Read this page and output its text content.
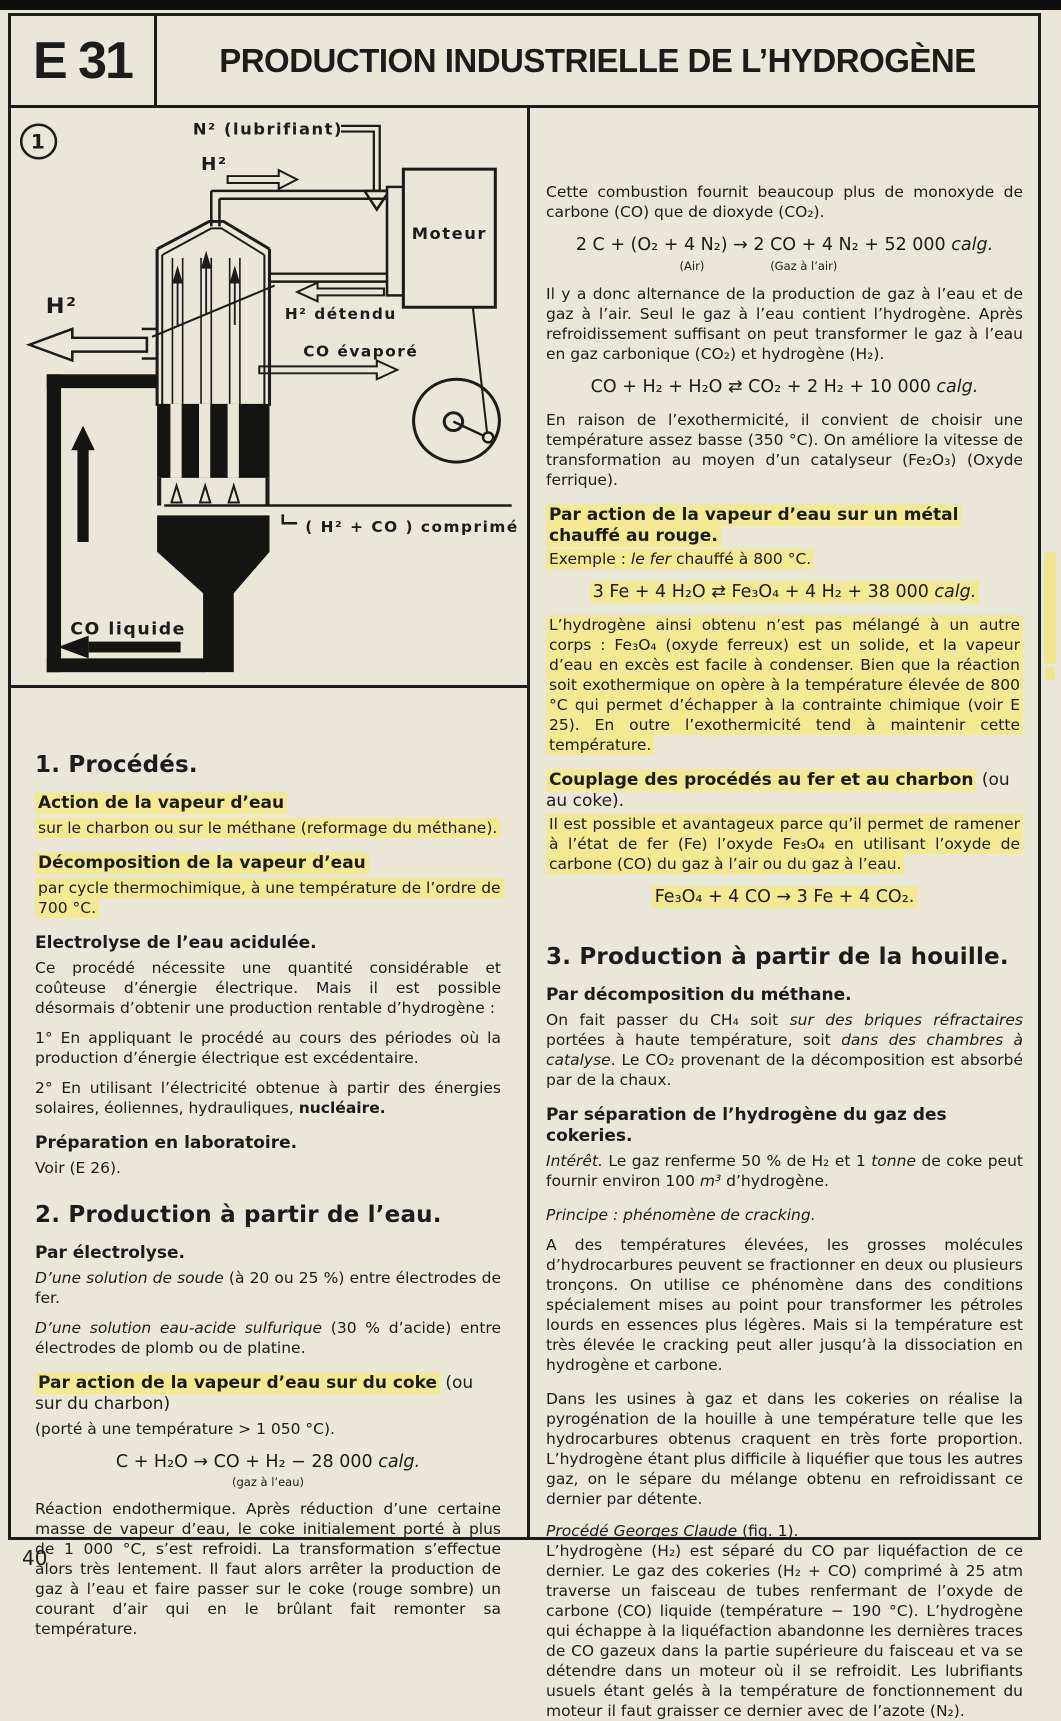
E 31	PRODUCTION INDUSTRIELLE DE L’HYDROGÈNE
1
N² (lubrifiant)
Moteur
H²
H² détendu
CO évaporé
H²
( H² + CO ) comprimé
CO liquide
1. Procédés.
Action de la vapeur d’eau
sur le charbon ou sur le méthane (reformage du méthane).
Décomposition de la vapeur d’eau
par cycle thermochimique, à une température de l’ordre de 700 °C.
Electrolyse de l’eau acidulée.
Ce procédé nécessite une quantité considérable et coûteuse d’énergie électrique. Mais il est possible désormais d’obtenir une production rentable d’hydrogène :
1° En appliquant le procédé au cours des périodes où la production d’énergie électrique est excédentaire.
2° En utilisant l’électricité obtenue à partir des énergies solaires, éoliennes, hydrauliques, nucléaire.
Préparation en laboratoire.
Voir (E 26).
2. Production à partir de l’eau.
Par électrolyse.
D’une solution de soude (à 20 ou 25 %) entre électrodes de fer.
D’une solution eau-acide sulfurique (30 % d’acide) entre électrodes de plomb ou de platine.
Par action de la vapeur d’eau sur du coke (ou sur du charbon)
(porté à une température > 1 050 °C).
C + H₂O → CO + H₂ − 28 000 calg.
(gaz à l’eau)
Réaction endothermique. Après réduction d’une certaine masse de vapeur d’eau, le coke initialement porté à plus de 1 000 °C, s’est refroidi. La transformation s’effectue alors très lentement. Il faut alors arrêter la production de gaz à l’eau et faire passer sur le coke (rouge sombre) un courant d’air qui en le brûlant fait remonter sa température.
Cette combustion fournit beaucoup plus de monoxyde de carbone (CO) que de dioxyde (CO₂).
2 C + (O₂ + 4 N₂) → 2 CO + 4 N₂ + 52 000 calg.
(Air)	(Gaz à l’air)
Il y a donc alternance de la production de gaz à l’eau et de gaz à l’air. Seul le gaz à l’eau contient l’hydrogène. Après refroidissement suffisant on peut transformer le gaz à l’eau en gaz carbonique (CO₂) et hydrogène (H₂).
CO + H₂ + H₂O ⇄ CO₂ + 2 H₂ + 10 000 calg.
En raison de l’exothermicité, il convient de choisir une température assez basse (350 °C). On améliore la vitesse de transformation au moyen d’un catalyseur (Fe₂O₃) (Oxyde ferrique).
Par action de la vapeur d’eau sur un métal chauffé au rouge.
Exemple : le fer chauffé à 800 °C.
3 Fe + 4 H₂O ⇄ Fe₃O₄ + 4 H₂ + 38 000 calg.
L’hydrogène ainsi obtenu n’est pas mélangé à un autre corps : Fe₃O₄ (oxyde ferreux) est un solide, et la vapeur d’eau en excès est facile à condenser. Bien que la réaction soit exothermique on opère à la température élevée de 800 °C qui permet d’échapper à la contrainte chimique (voir E 25). En outre l’exothermicité tend à maintenir cette température.
Couplage des procédés au fer et au charbon (ou au coke).
Il est possible et avantageux parce qu’il permet de ramener à l’état de fer (Fe) l’oxyde Fe₃O₄ en utilisant l’oxyde de carbone (CO) du gaz à l’air ou du gaz à l’eau.
Fe₃O₄ + 4 CO → 3 Fe + 4 CO₂.
3. Production à partir de la houille.
Par décomposition du méthane.
On fait passer du CH₄ soit sur des briques réfractaires portées à haute température, soit dans des chambres à catalyse. Le CO₂ provenant de la décomposition est absorbé par de la chaux.
Par séparation de l’hydrogène du gaz des cokeries.
Intérêt. Le gaz renferme 50 % de H₂ et 1 tonne de coke peut fournir environ 100 m³ d’hydrogène.
Principe : phénomène de cracking.
A des températures élevées, les grosses molécules d’hydrocarbures peuvent se fractionner en deux ou plusieurs tronçons. On utilise ce phénomène dans des conditions spécialement mises au point pour transformer les pétroles lourds en essences plus légères. Mais si la température est très élevée le cracking peut aller jusqu’à la dissociation en hydrogène et carbone.
Dans les usines à gaz et dans les cokeries on réalise la pyrogénation de la houille à une température telle que les hydrocarbures obtenus craquent en très forte proportion. L’hydrogène étant plus difficile à liquéfier que tous les autres gaz, on le sépare du mélange obtenu en refroidissant ce dernier par détente.
Procédé Georges Claude (fig. 1).
L’hydrogène (H₂) est séparé du CO par liquéfaction de ce dernier. Le gaz des cokeries (H₂ + CO) comprimé à 25 atm traverse un faisceau de tubes renfermant de l’oxyde de carbone (CO) liquide (température − 190 °C). L’hydrogène qui échappe à la liquéfaction abandonne les dernières traces de CO gazeux dans la partie supérieure du faisceau et va se détendre dans un moteur où il se refroidit. Les lubrifiants usuels étant gelés à la température de fonctionnement du moteur il faut graisser ce dernier avec de l’azote (N₂).
40
